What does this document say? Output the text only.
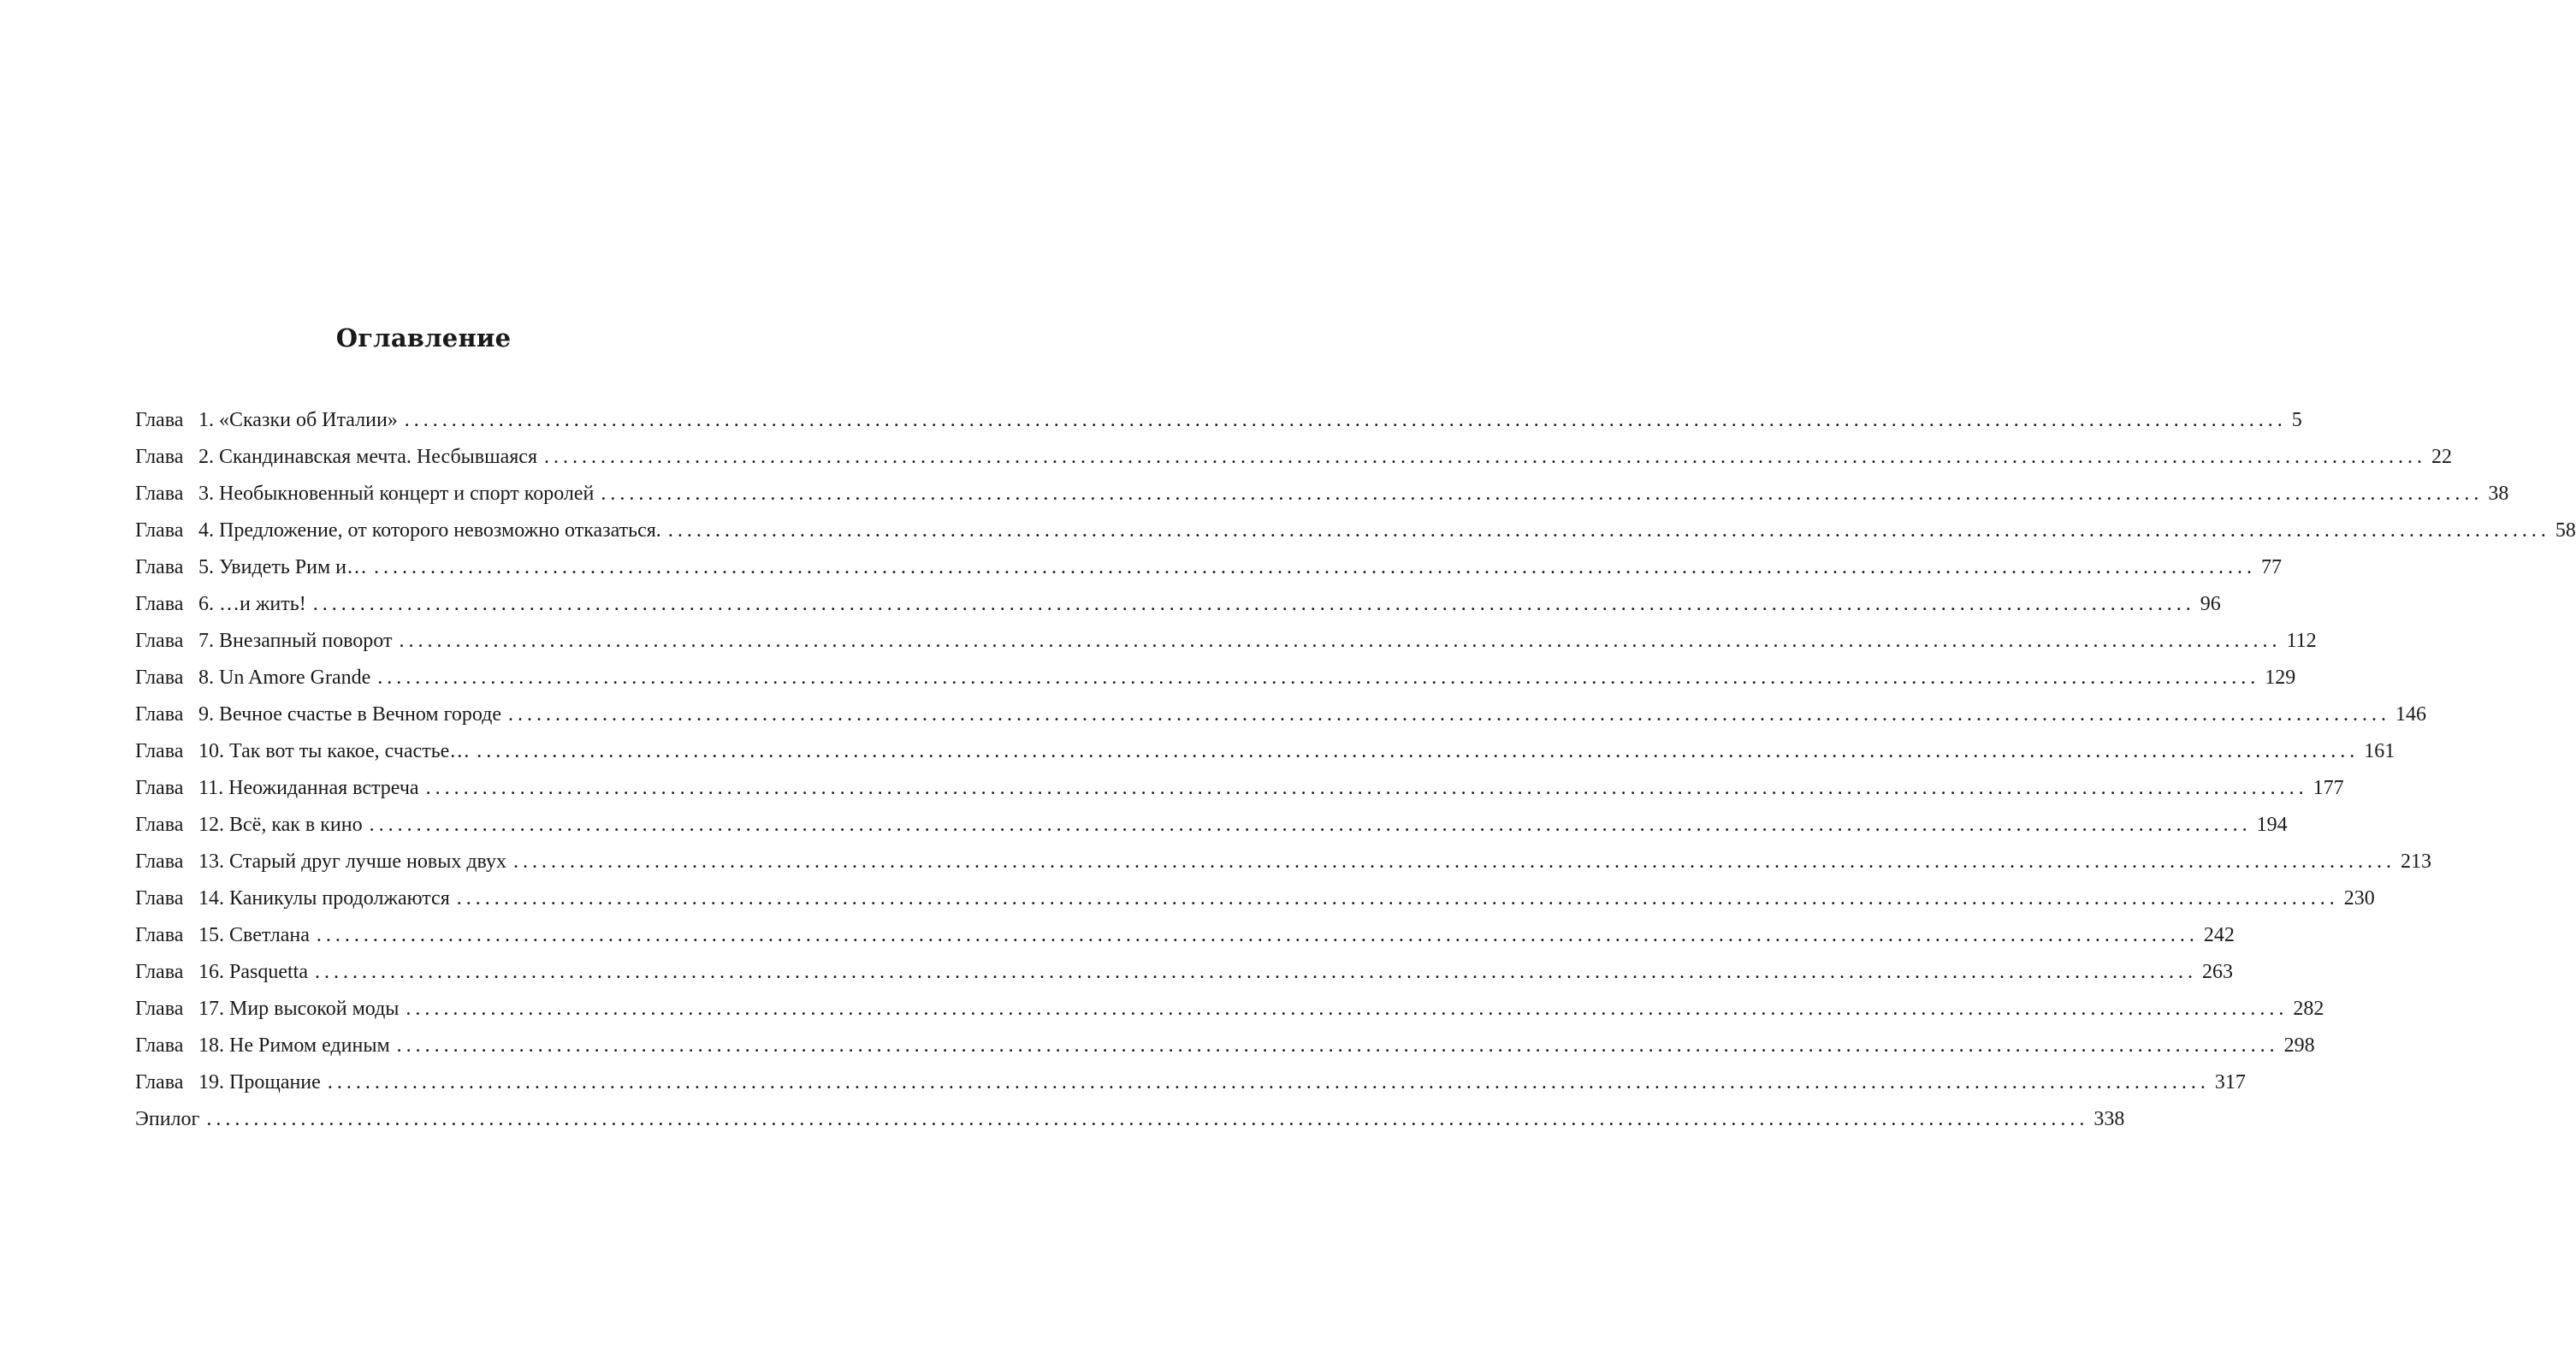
Оглавление
Глава 1. «Сказки об Италии» ........................................................................................................................................................................................................ 5
Глава 2. Скандинавская мечта. Несбывшаяся ........................................................................................................................................................................................................ 22
Глава 3. Необыкновенный концерт и спорт королей ........................................................................................................................................................................................................ 38
Глава 4. Предложение, от которого невозможно отказаться. ........................................................................................................................................................................................................ 58
Глава 5. Увидеть Рим и… ........................................................................................................................................................................................................ 77
Глава 6. …и жить! ........................................................................................................................................................................................................ 96
Глава 7. Внезапный поворот ........................................................................................................................................................................................................ 112
Глава 8. Un Amore Grande ........................................................................................................................................................................................................ 129
Глава 9. Вечное счастье в Вечном городе ........................................................................................................................................................................................................ 146
Глава 10. Так вот ты какое, счастье… ........................................................................................................................................................................................................ 161
Глава 11. Неожиданная встреча ........................................................................................................................................................................................................ 177
Глава 12. Всё, как в кино ........................................................................................................................................................................................................ 194
Глава 13. Старый друг лучше новых двух ........................................................................................................................................................................................................ 213
Глава 14. Каникулы продолжаются ........................................................................................................................................................................................................ 230
Глава 15. Светлана ........................................................................................................................................................................................................ 242
Глава 16. Pasquetta ........................................................................................................................................................................................................ 263
Глава 17. Мир высокой моды ........................................................................................................................................................................................................ 282
Глава 18. Не Римом единым ........................................................................................................................................................................................................ 298
Глава 19. Прощание ........................................................................................................................................................................................................ 317
Эпилог ........................................................................................................................................................................................................ 338
